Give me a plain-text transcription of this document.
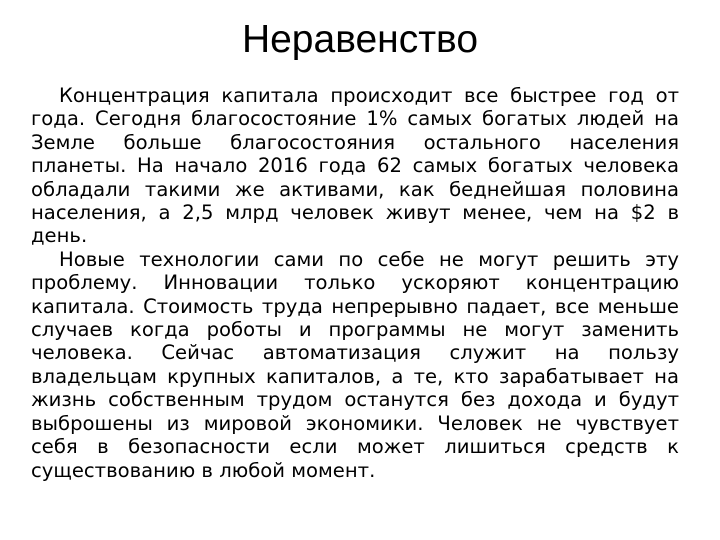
Неравенство

Концентрация капитала происходит все быстрее год от года. Сегодня благосостояние 1% самых богатых людей на Земле больше благосостояния остального населения планеты. На начало 2016 года 62 самых богатых человека обладали такими же активами, как беднейшая половина населения, а 2,5 млрд человек живут менее, чем на $2 в день.

Новые технологии сами по себе не могут решить эту проблему. Инновации только ускоряют концентрацию капитала. Стоимость труда непрерывно падает, все меньше случаев когда роботы и программы не могут заменить человека. Сейчас автоматизация служит на пользу владельцам крупных капиталов, а те, кто зарабатывает на жизнь собственным трудом останутся без дохода и будут выброшены из мировой экономики. Человек не чувствует себя в безопасности если может лишиться средств к существованию в любой момент.
